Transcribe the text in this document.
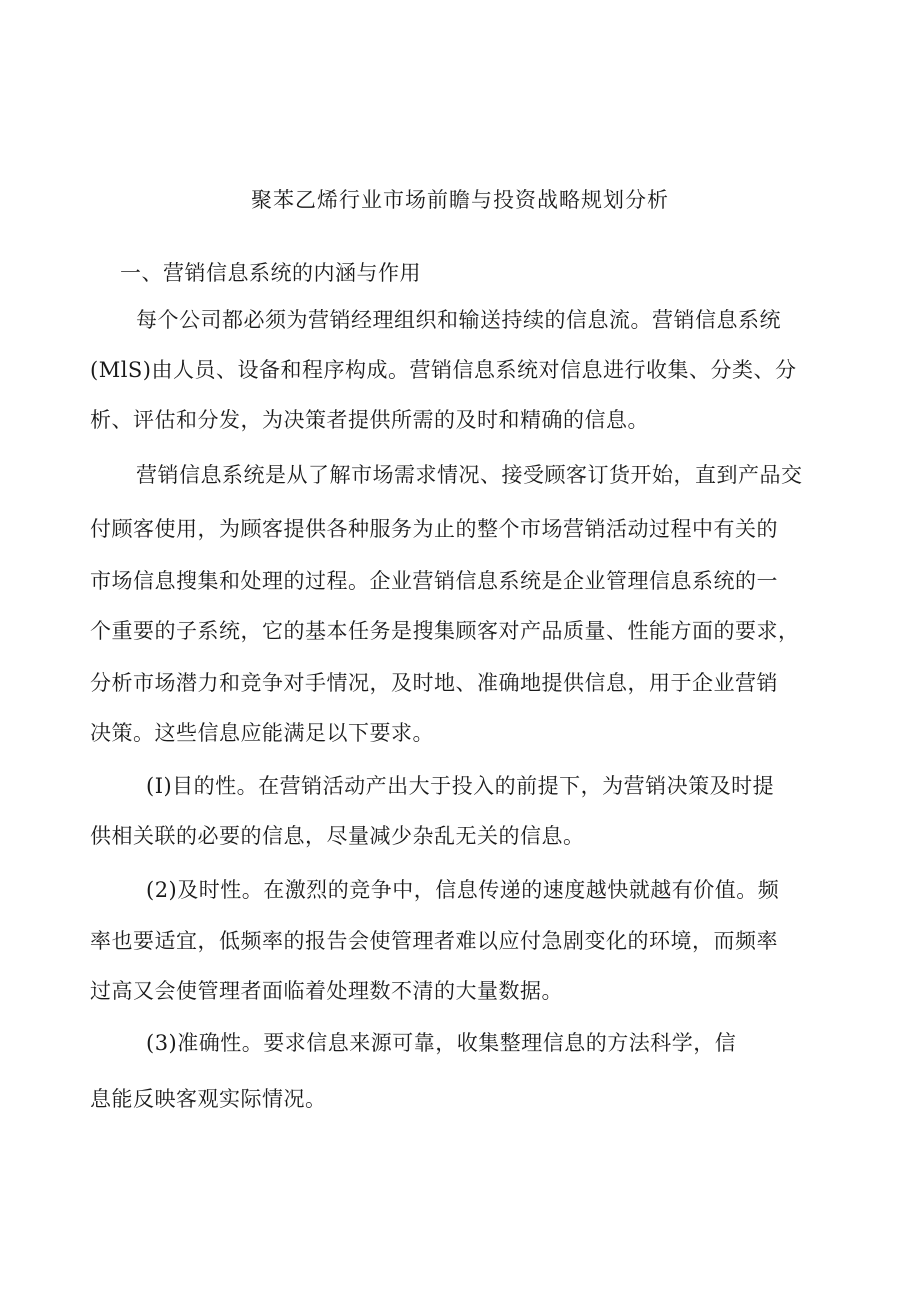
聚苯乙烯行业市场前瞻与投资战略规划分析
一、营销信息系统的内涵与作用
每个公司都必须为营销经理组织和输送持续的信息流。营销信息系统
(MlS)由人员、设备和程序构成。营销信息系统对信息进行收集、分类、分
析、评估和分发，为决策者提供所需的及时和精确的信息。
营销信息系统是从了解市场需求情况、接受顾客订货开始，直到产品交
付顾客使用，为顾客提供各种服务为止的整个市场营销活动过程中有关的
市场信息搜集和处理的过程。企业营销信息系统是企业管理信息系统的一
个重要的子系统，它的基本任务是搜集顾客对产品质量、性能方面的要求，
分析市场潜力和竞争对手情况，及时地、准确地提供信息，用于企业营销
决策。这些信息应能满足以下要求。
(I)目的性。在营销活动产出大于投入的前提下，为营销决策及时提
供相关联的必要的信息，尽量减少杂乱无关的信息。
(2)及时性。在激烈的竞争中，信息传递的速度越快就越有价值。频
率也要适宜，低频率的报告会使管理者难以应付急剧变化的环境，而频率
过高又会使管理者面临着处理数不清的大量数据。
(3)准确性。要求信息来源可靠，收集整理信息的方法科学，信
息能反映客观实际情况。
